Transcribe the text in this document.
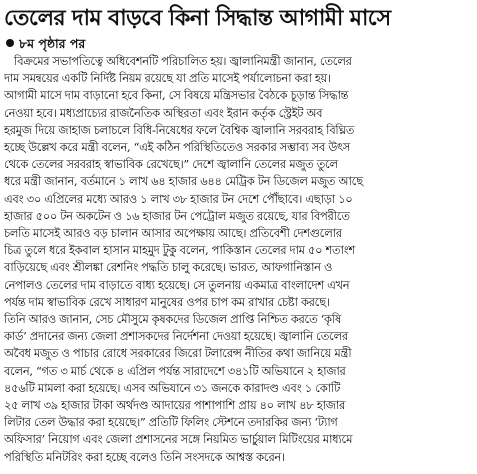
তেলের দাম বাড়বে কিনা সিদ্ধান্ত আগামী মাসে

৮ম পৃষ্ঠার পর

বিক্রমের সভাপতিত্বে অধিবেশনটি পরিচালিত হয়। জ্বালানিমন্ত্রী জানান, তেলের
দাম সমন্বয়ের একটি নির্দিষ্ট নিয়ম রয়েছে যা প্রতি মাসেই পর্যালোচনা করা হয়।
আগামী মাসে দাম বাড়ানো হবে কিনা, সে বিষয়ে মন্ত্রিসভার বৈঠকে চূড়ান্ত সিদ্ধান্ত
নেওয়া হবে। মধ্যপ্রাচ্যের রাজনৈতিক অস্থিরতা এবং ইরান কর্তৃক স্ট্রেইট অব
হরমুজ দিয়ে জাহাজ চলাচলে বিধি-নিষেধের ফলে বৈশ্বিক জ্বালানি সরবরাহ বিঘ্নিত
হচ্ছে উল্লেখ করে মন্ত্রী বলেন, “এই কঠিন পরিস্থিতিতেও সরকার সম্ভাব্য সব উৎস
থেকে তেলের সরবরাহ স্বাভাবিক রেখেছে।” দেশে জ্বালানি তেলের মজুত তুলে
ধরে মন্ত্রী জানান, বর্তমানে ১ লাখ ৬৪ হাজার ৬৪৪ মেট্রিক টন ডিজেল মজুত আছে
এবং ৩০ এপ্রিলের মধ্যে আরও ১ লাখ ৩৮ হাজার টন দেশে পৌঁছাবে। এছাড়া ১০
হাজার ৫০০ টন অকটেন ও ১৬ হাজার টন পেট্রোল মজুত রয়েছে, যার বিপরীতে
চলতি মাসেই আরও বড় চালান আসার অপেক্ষায় আছে। প্রতিবেশী দেশগুলোর
চিত্র তুলে ধরে ইকবাল হাসান মাহমুদ টুকু বলেন, পাকিস্তান তেলের দাম ৫০ শতাংশ
বাড়িয়েছে এবং শ্রীলঙ্কা রেশনিং পদ্ধতি চালু করেছে। ভারত, আফগানিস্তান ও
নেপালও তেলের দাম বাড়াতে বাধ্য হয়েছে। সে তুলনায় একমাত্র বাংলাদেশ এখন
পর্যন্ত দাম স্বাভাবিক রেখে সাধারণ মানুষের ওপর চাপ কম রাখার চেষ্টা করছে।
তিনি আরও জানান, সেচ মৌসুমে কৃষকদের ডিজেল প্রাপ্তি নিশ্চিত করতে ‘কৃষি
কার্ড’ প্রদানের জন্য জেলা প্রশাসকদের নির্দেশনা দেওয়া হয়েছে। জ্বালানি তেলের
অবৈধ মজুত ও পাচার রোধে সরকারের জিরো টলারেন্স নীতির কথা জানিয়ে মন্ত্রী
বলেন, “গত ৩ মার্চ থেকে ৪ এপ্রিল পর্যন্ত সারাদেশে ৩৪১টি অভিযানে ২ হাজার
৪৫৬টি মামলা করা হয়েছে। এসব অভিযানে ৩১ জনকে কারাদণ্ড এবং ১ কোটি
২৫ লাখ ৩৯ হাজার টাকা অর্থদণ্ড আদায়ের পাশাপাশি প্রায় ৪০ লাখ ৪৮ হাজার
লিটার তেল উদ্ধার করা হয়েছে।” প্রতিটি ফিলিং স্টেশনে তদারকির জন্য ‘ট্যাগ
অফিসার’ নিয়োগ এবং জেলা প্রশাসনের সঙ্গে নিয়মিত ভার্চুয়াল মিটিংয়ের মাধ্যমে
পরিস্থিতি মনিটরিং করা হচ্ছে বলেও তিনি সংসদকে আশ্বস্ত করেন।
